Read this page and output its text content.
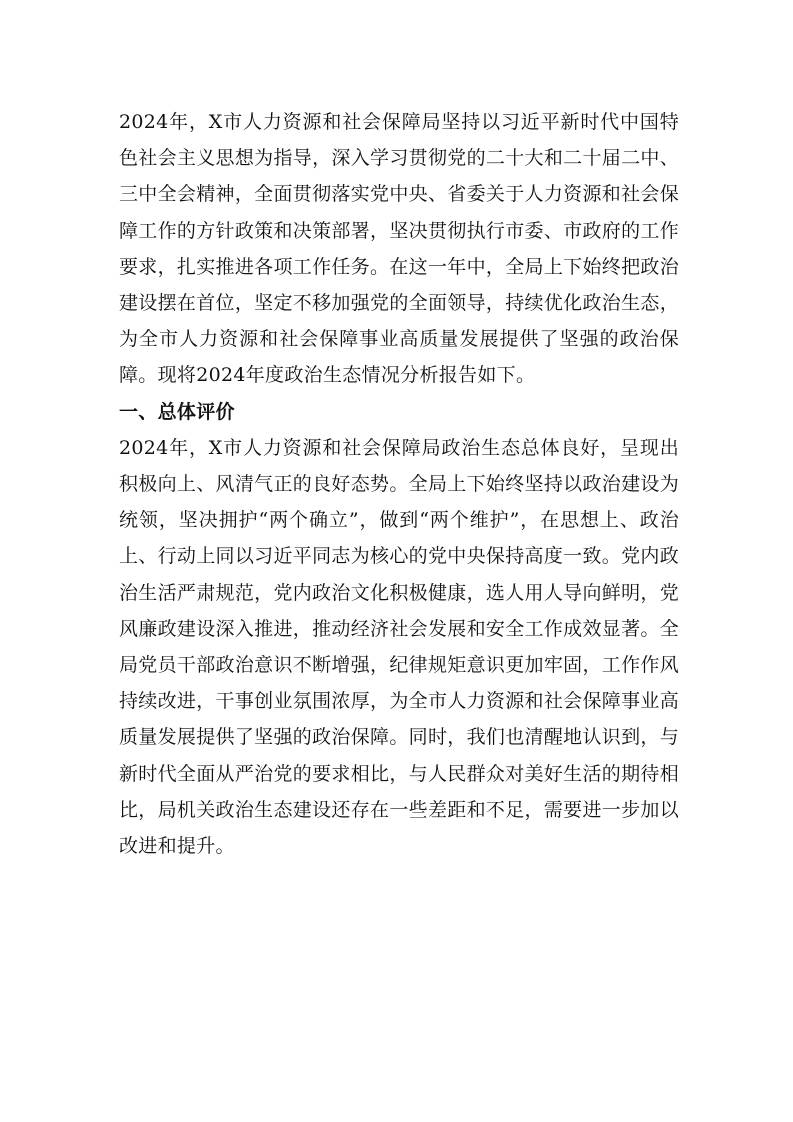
2024年，X市人力资源和社会保障局坚持以习近平新时代中国特色社会主义思想为指导，深入学习贯彻党的二十大和二十届二中、三中全会精神，全面贯彻落实党中央、省委关于人力资源和社会保障工作的方针政策和决策部署，坚决贯彻执行市委、市政府的工作要求，扎实推进各项工作任务。在这一年中，全局上下始终把政治建设摆在首位，坚定不移加强党的全面领导，持续优化政治生态，为全市人力资源和社会保障事业高质量发展提供了坚强的政治保障。现将2024年度政治生态情况分析报告如下。

一、总体评价

2024年，X市人力资源和社会保障局政治生态总体良好，呈现出积极向上、风清气正的良好态势。全局上下始终坚持以政治建设为统领，坚决拥护“两个确立”，做到“两个维护”，在思想上、政治上、行动上同以习近平同志为核心的党中央保持高度一致。党内政治生活严肃规范，党内政治文化积极健康，选人用人导向鲜明，党风廉政建设深入推进，推动经济社会发展和安全工作成效显著。全局党员干部政治意识不断增强，纪律规矩意识更加牢固，工作作风持续改进，干事创业氛围浓厚，为全市人力资源和社会保障事业高质量发展提供了坚强的政治保障。同时，我们也清醒地认识到，与新时代全面从严治党的要求相比，与人民群众对美好生活的期待相比，局机关政治生态建设还存在一些差距和不足，需要进一步加以改进和提升。
